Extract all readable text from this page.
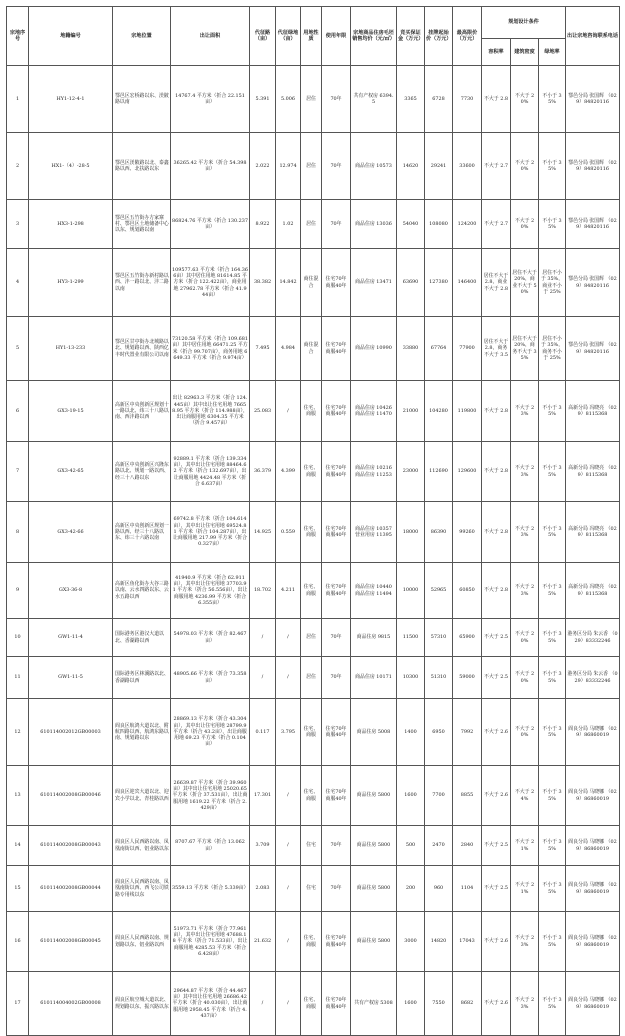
宗地序号	地籍编号	宗地位置	出让面积	代征路（亩）	代征绿地（亩）	用地性质	使用年限	宗地商品住房毛坯销售均价（元/㎡）	竞买保证金（万元）	挂牌起始价（万元）	最高限价（万元）	规划设计条件			出让宗地咨询联系电话
												容积率	建筑密度	绿地率	
1	HY1-12-4-1	鄠邑区宏桥路以东、渼陂路以南	14767.4 平方米（折合 22.151亩）	5.391	5.006	居住	70年	共有产权房 6394.5	3365	6728	7730	不大于 2.8	不大于 20%	不小于 35%	鄠邑分局 张国辉 （029）84820116
2	HX1-（4）-28-5	鄠邑区渼陂路以北、泰鑫路以西、北扶路以东	36265.42 平方米（折合 54.398亩）	2.022	12.974	居住	70年	商品住房 10573	14620	29241	33600	不大于 2.7	不大于 20%	不小于 35%	鄠邑分局 张国辉 （029）84820116
3	HX3-1-298	鄠邑区五竹街办方家寨村、鄠邑区土地储备中心以东、规划路以南	86824.76 平方米（折合 130.237亩）	8.922	1.02	居住	70年	商品住房 13036	54040	108080	124200	不大于 2.7	不大于 20%	不小于 35%	鄠邑分局 张国辉 （029）84820116
4	HY3-1-299	鄠邑区五竹街办新村路以西、沣一路以北、沣二路以南	109577.63 平方米（折合 164.366亩）其中居住用地 81614.85 平方米（折合 122.422亩），商业用地 27962.78 平方米（折合 41.944亩）	38.382	14.842	商住混合	住宅70年 商服40年	商品住房 13471	63690	127380	146400	居住不大于 2.8，商业不大于 2.8	居住不大于 20%，商业不大于 50%	居住不小于 35%，商业不小于 25%	鄠邑分局 张国辉 （029）84820116
5	HY1-13-233	鄠邑区甘亭街办北城路以北、规划路以西、陕西亿丰时代置业有限公司以南	73120.58 平方米（折合 109.681亩）其中居住用地 66471.25 平方米（折合 99.707亩），商务用地 6649.33 平方米（折合 9.974亩）	7.495	4.984	商住混合	住宅70年 商服40年	商品住房 10990	33880	67764	77900	居住不大于 2.8，商务不大于 3.5	居住不大于 20%，商务不大于 35%	居住不小于 35%，商务不小于 25%	鄠邑分局 张国辉 （029）84820116
6	GX3-19-15	高新区中央创新区规划十一路以北、纬三十八路以南、西沣路以西	出让 82963.3 平方米（折合 124.445亩）其中出让住宅用地 76658.95 平方米（折合 114.988亩），出让商服用地 6304.35 平方米（折合 9.457亩）	25.083	/	住宅、商服	住宅70年 商服40年	商品住房 10426 商品住房 11470	21000	104280	119800	不大于 2.8	不大于 23%	不小于 35%	高新分局 冯晓亮 （029）8115368
7	GX3-42-65	高新区中央创新区兴隆东路以北、规划一路以西、经三十八路以东	92889.1 平方米（折合 139.334亩），其中出让住宅用地 88464.62 平方米（折合 132.697亩），出让商服用地 4424.48 平方米（折合 6.637亩）	36.379	4.399	住宅、商服	住宅70年 商服40年	商品住房 10216 商品住房 11253	23000	112690	129600	不大于 2.8	不大于 23%	不小于 35%	高新分局 冯晓亮 （029）8115368
8	GX3-42-66	高新区中央创新区规划一路以西、经三十八路以东、纬三十六路以南	69742.8 平方米（折合 104.614亩），其中出让住宅用地 69524.81 平方米（折合 104.287亩），出让商服用地 217.99 平方米（折合 0.327亩）	14.925	0.559	住宅、商服	住宅70年 商服40年	商品住房 10357 营业用房 11395	18000	86390	99260	不大于 2.8	不大于 23%	不小于 35%	高新分局 冯晓亮 （029）8115368
9	GX3-36-8	高新区鱼化街办大谷三路以南、云水四路以东、云水五路以西	41940.9 平方米（折合 62.911亩），其中出让住宅用地 37703.91 平方米（折合 56.556亩），出让商服用地 4236.99 平方米（折合 6.355亩）	18.702	4.211	住宅、商服	住宅70年 商服40年	商品住房 10440 商品住房 11494	10000	52965	60850	不大于 2.8	不大于 23%	不小于 35%	高新分局 冯晓亮 （029）8115368
10	GW1-11-4	国际港务区港汉大道以北、香湖路以西	54978.03 平方米（折合 82.467亩）	/	/	居住	70年	商品住房 9815	11500	57310	65900	不大于 2.5	不大于 20%	不小于 35%	港务区分局 朱云香 （029）83332246
11	GW1-11-5	国际港务区林溪路以北、香湖路以西	48905.66 平方米（折合 73.358亩）	/	/	居住	70年	商品住房 10171	10300	51310	59000	不大于 2.5	不大于 20%	不小于 35%	港务区分局 朱云香 （029）83332246
12	610114002012GB00003	阎良区航鸿大道以北、附航四路以西、航鸿东路以南、规划路以东	28869.13 平方米（折合 43.304亩），其中出让住宅用地 28799.9 平方米（折合 43.2亩），出让商服用地 69.23 平方米（折合 0.104亩）	0.117	3.795	住宅、商服	住宅70年 商服40年	商品住房 5008	1400	6950	7992	不大于 2.6	不大于 20%	不小于 35%	阎良分局 马晓娜 （029）86860019
13	610114002008GB00046	阎良区迎宾大道以北、迎宾小学以北、青桂路以西	26639.87 平方米（折合 39.960亩）其中出让住宅用地 25020.65 平方米（折合 37.531亩），出让商服用地 1619.22 平方米（折合 2.429亩）	17.301	/	住宅、商服	住宅70年 商服40年	商品住房 5800	1600	7700	8855	不大于 2.6	不大于 24%	不小于 35%	阎良分局 马晓娜 （029）86860019
14	610114002008GB00043	阎良区人民西路以南、凤凰南街以西、铝业路以东	8707.67 平方米（折合 13.062亩）	3.709	/	住宅	70年	商品住房 5800	500	2470	2840	不大于 2.5	不大于 21%	不小于 35%	阎良分局 马晓娜 （029）86860019
15	610114002008GB00044	阎良区人民西路以南、凤凰南街以西、西飞公司铁路专用线以东	3559.13 平方米（折合 5.339亩）	2.083	/	住宅	70年	商品住房 5800	200	960	1104	不大于 2.5	不大于 21%	不小于 35%	阎良分局 马晓娜 （029）86860019
16	610114002008GB00045	阎良区人民西路以南、规划路以东、铝业路以西	51973.71 平方米（折合 77.961亩），其中出让住宅用地 47688.18 平方米（折合 71.533亩），出让商服用地 4285.53 平方米（折合 6.428亩）	21.632	/	住宅、商服	住宅70年 商服40年	商品住房 5800	3000	14820	17043	不大于 2.6	不大于 23%	不小于 35%	阎良分局 马晓娜 （029）86860019
17	610114004002GB00008	阎良区航空城大道以北、规划路以东、振兴路以东	29644.87 平方米（折合 44.467亩）其中出让住宅用地 26686.42 平方米（折合 40.030亩），出让商服用地 2958.45 平方米（折合 4.437亩）	/	/	住宅、商服	住宅70年 商服40年	共有产权房 5308	1600	7550	8682	不大于 2.6	不大于 23%	不小于 35%	阎良分局 马晓娜 （029）86860019
